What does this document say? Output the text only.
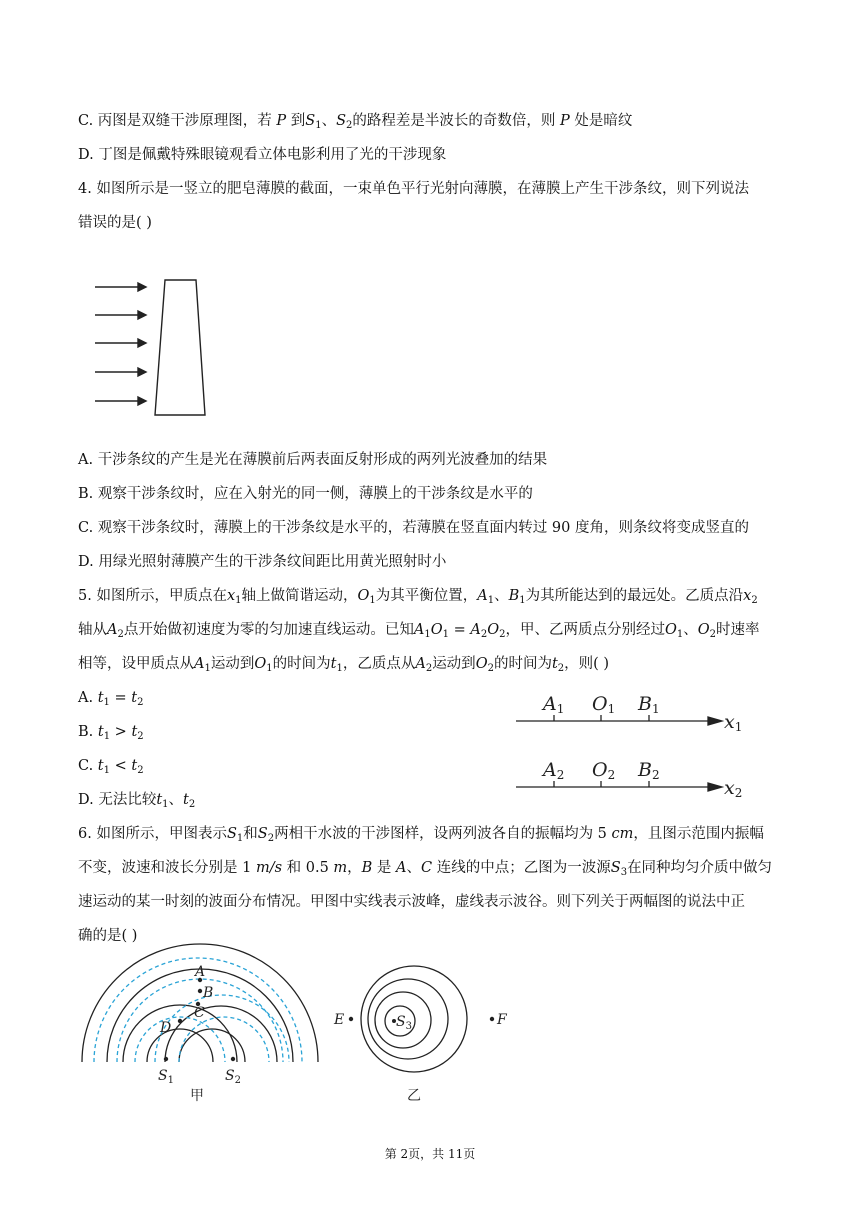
C. 丙图是双缝干涉原理图，若 P 到$S_1$、$S_2$的路程差是半波长的奇数倍，则 P 处是暗纹
D. 丁图是佩戴特殊眼镜观看立体电影利用了光的干涉现象
4. 如图所示是一竖立的肥皂薄膜的截面，一束单色平行光射向薄膜，在薄膜上产生干涉条纹，则下列说法
错误的是( )
A. 干涉条纹的产生是光在薄膜前后两表面反射形成的两列光波叠加的结果
B. 观察干涉条纹时，应在入射光的同一侧，薄膜上的干涉条纹是水平的
C. 观察干涉条纹时，薄膜上的干涉条纹是水平的，若薄膜在竖直面内转过 90 度角，则条纹将变成竖直的
D. 用绿光照射薄膜产生的干涉条纹间距比用黄光照射时小
5. 如图所示，甲质点在$x_1$轴上做简谐运动，$O_1$为其平衡位置，$A_1$、$B_1$为其所能达到的最远处。乙质点沿$x_2$
轴从$A_2$点开始做初速度为零的匀加速直线运动。已知$A_1O_1 = A_2O_2$，甲、乙两质点分别经过$O_1$、$O_2$时速率
相等，设甲质点从$A_1$运动到$O_1$的时间为$t_1$，乙质点从$A_2$运动到$O_2$的时间为$t_2$，则( )
A. $t_1 = t_2$
B. $t_1 > t_2$
C. $t_1 < t_2$
D. 无法比较$t_1$、$t_2$
A1 O1 B1
x1
A2 O2 B2
x2
6. 如图所示，甲图表示$S_1$和$S_2$两相干水波的干涉图样，设两列波各自的振幅均为 5 cm，且图示范围内振幅
不变，波速和波长分别是 1 m/s 和 0.5 m，B 是 A、C 连线的中点；乙图为一波源$S_3$在同种均匀介质中做匀
速运动的某一时刻的波面分布情况。甲图中实线表示波峰，虚线表示波谷。则下列关于两幅图的说法中正
确的是( )
A
B
C
D
$S_1$	$S_2$
甲
E	F
$S_3$
乙
第 2页，共 11页
